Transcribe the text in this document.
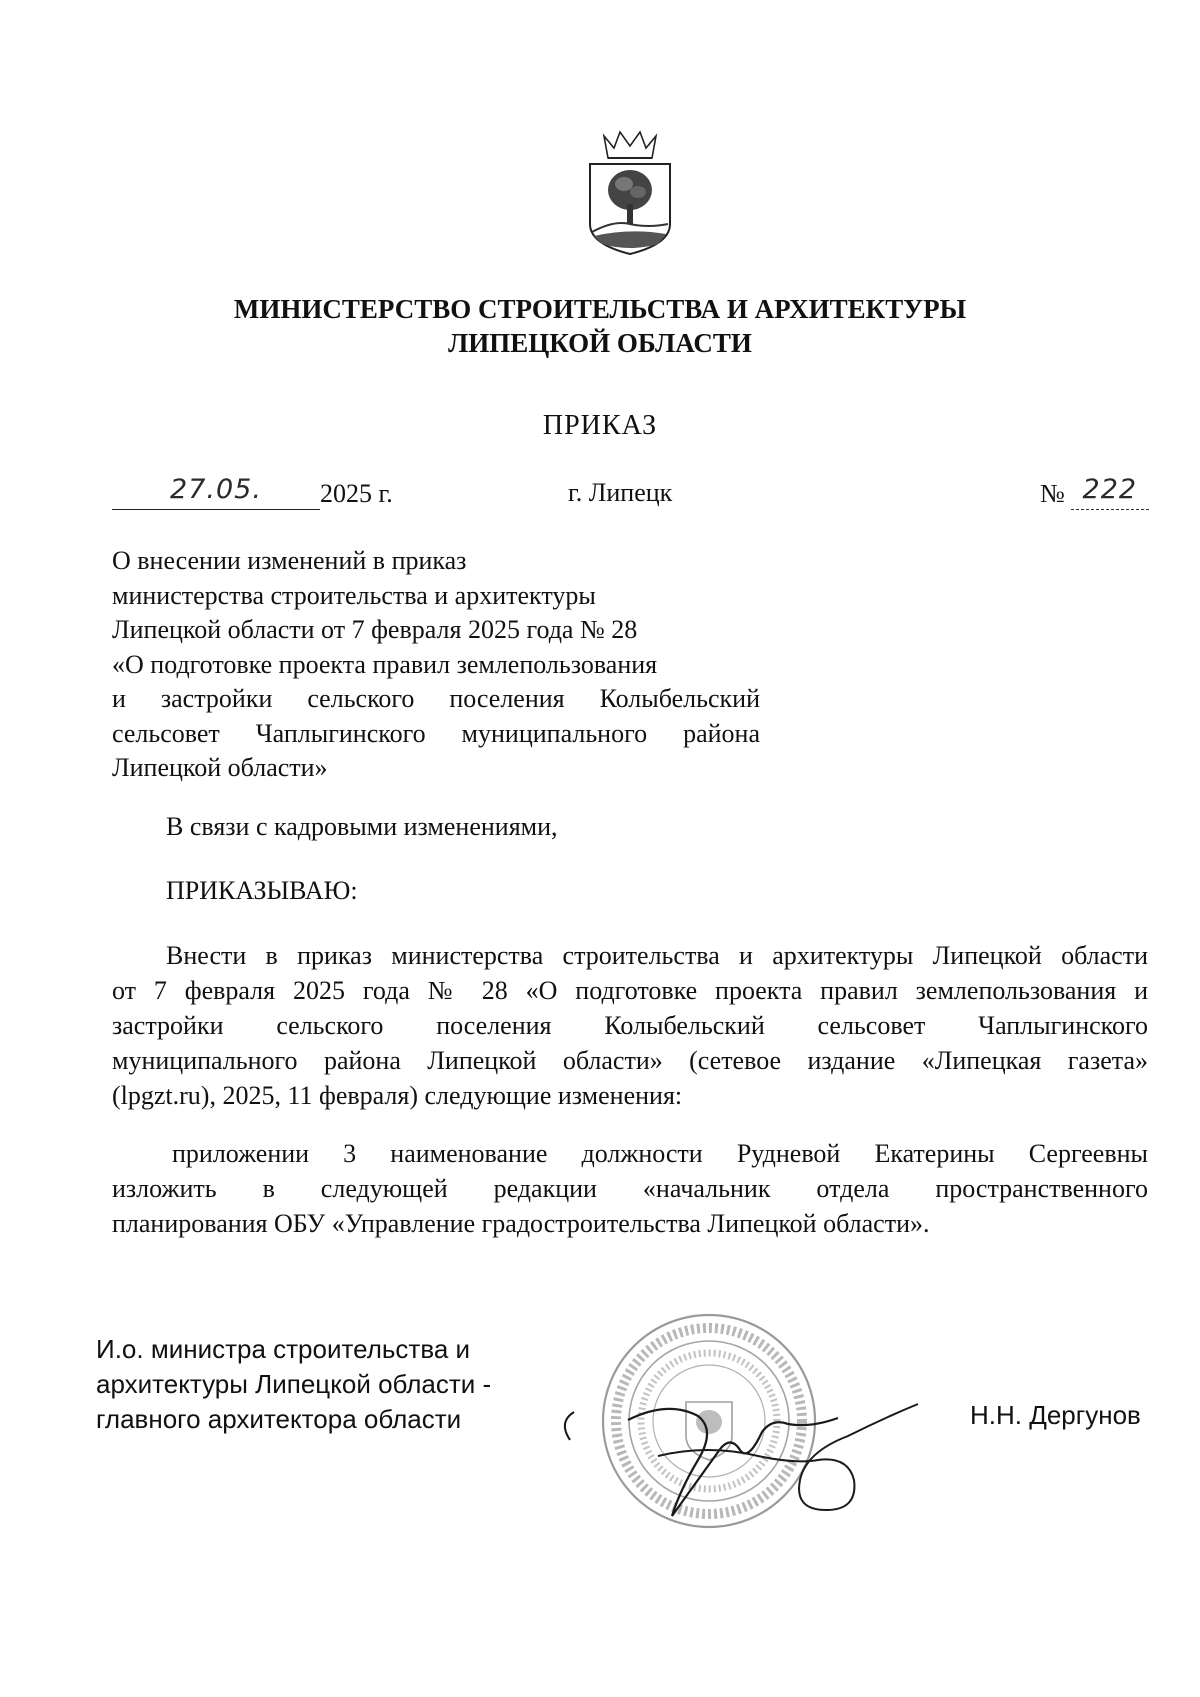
МИНИСТЕРСТВО СТРОИТЕЛЬСТВА И АРХИТЕКТУРЫ
ЛИПЕЦКОЙ ОБЛАСТИ
ПРИКАЗ
27.05. 2025 г.	г. Липецк	№ 222
О внесении изменений в приказ
министерства строительства и архитектуры
Липецкой области от 7 февраля 2025 года № 28
«О подготовке проекта правил землепользования
и застройки сельского поселения Колыбельский
сельсовет Чаплыгинского муниципального района
Липецкой области»
В связи с кадровыми изменениями,
ПРИКАЗЫВАЮ:
Внести в приказ министерства строительства и архитектуры Липецкой области
от 7 февраля 2025 года № 28 «О подготовке проекта правил землепользования и
застройки сельского поселения Колыбельский сельсовет Чаплыгинского
муниципального района Липецкой области» (сетевое издание «Липецкая газета»
(lpgzt.ru), 2025, 11 февраля) следующие изменения:
приложении 3 наименование должности Рудневой Екатерины Сергеевны
изложить в следующей редакции «начальник отдела пространственного
планирования ОБУ «Управление градостроительства Липецкой области».
И.о. министра строительства и
архитектуры Липецкой области -
главного архитектора области	Н.Н. Дергунов
